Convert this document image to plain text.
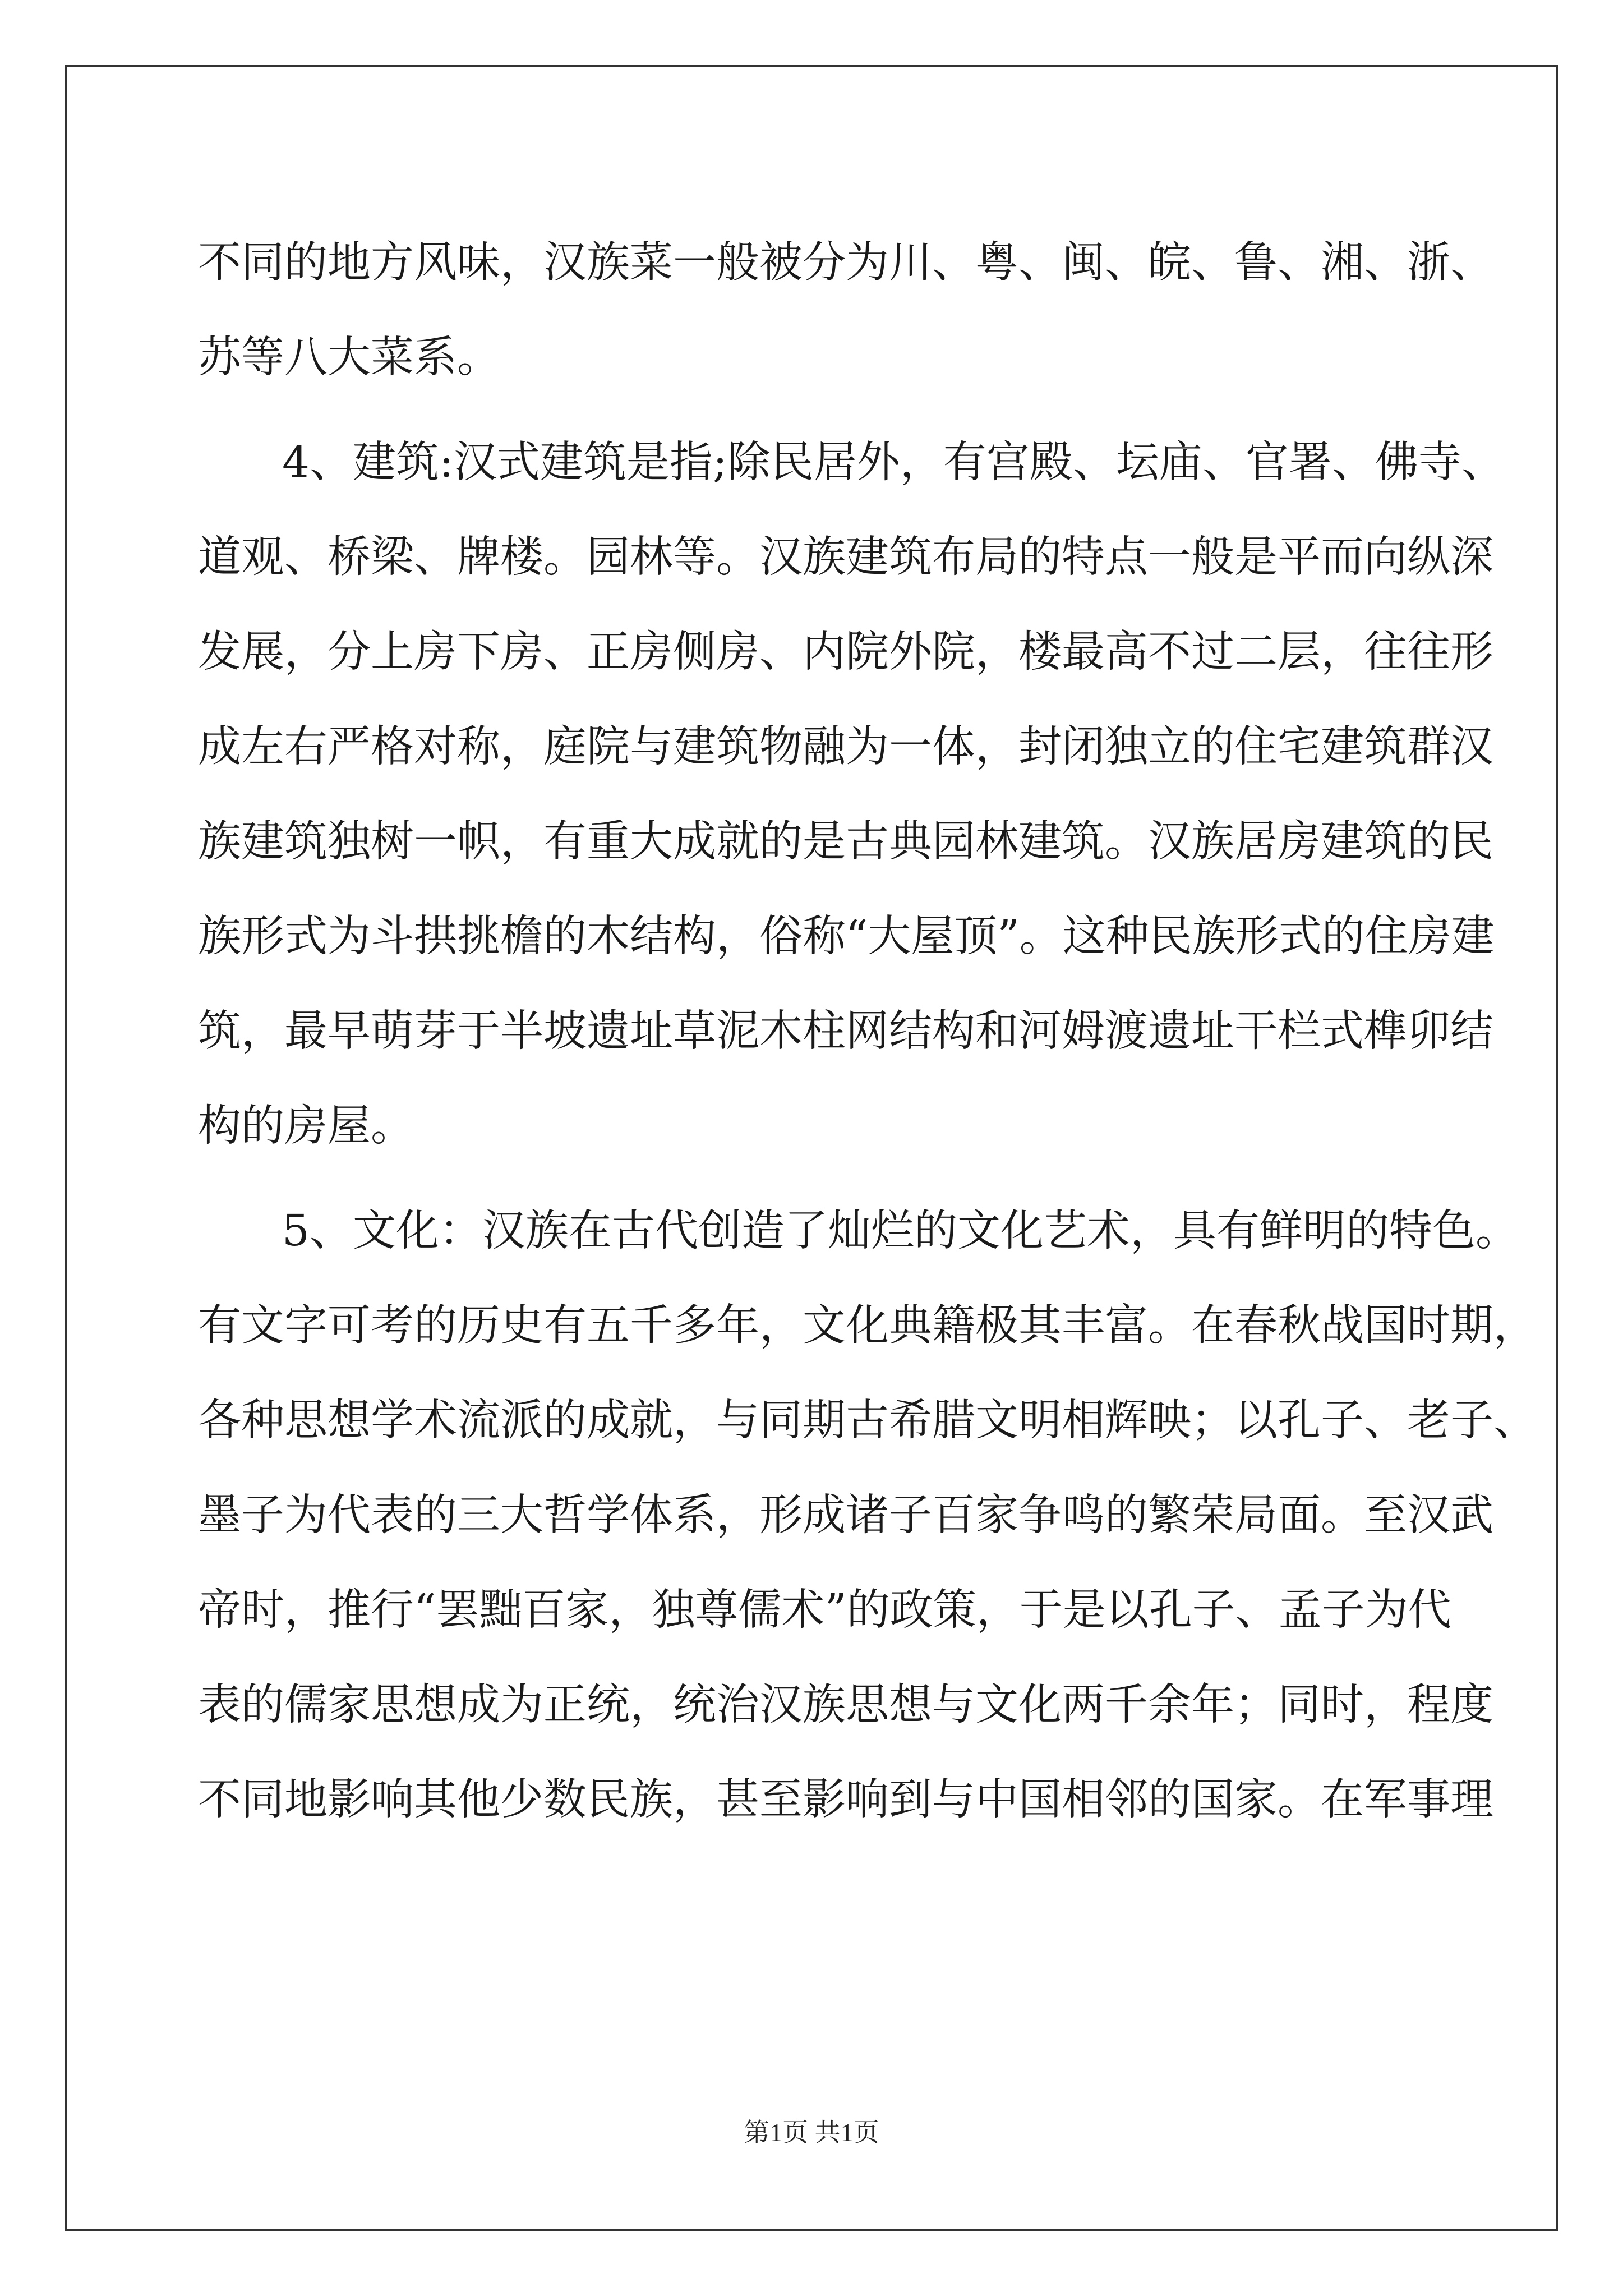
不同的地方风味，汉族菜一般被分为川、粤、闽、皖、鲁、湘、浙、
苏等八大菜系。
4、建筑:汉式建筑是指;除民居外，有宫殿、坛庙、官署、佛寺、
道观、桥梁、牌楼。园林等。汉族建筑布局的特点一般是平而向纵深
发展，分上房下房、正房侧房、内院外院，楼最高不过二层，往往形
成左右严格对称，庭院与建筑物融为一体，封闭独立的住宅建筑群汉
族建筑独树一帜，有重大成就的是古典园林建筑。汉族居房建筑的民
族形式为斗拱挑檐的木结构，俗称“大屋顶”。这种民族形式的住房建
筑，最早萌芽于半坡遗址草泥木柱网结构和河姆渡遗址干栏式榫卯结
构的房屋。
5、文化：汉族在古代创造了灿烂的文化艺术，具有鲜明的特色。
有文字可考的历史有五千多年，文化典籍极其丰富。在春秋战国时期，
各种思想学术流派的成就，与同期古希腊文明相辉映；以孔子、老子、
墨子为代表的三大哲学体系，形成诸子百家争鸣的繁荣局面。至汉武
帝时，推行“罢黜百家，独尊儒术”的政策，于是以孔子、孟子为代
表的儒家思想成为正统，统治汉族思想与文化两千余年；同时，程度
不同地影响其他少数民族，甚至影响到与中国相邻的国家。在军事理
第1页 共1页
